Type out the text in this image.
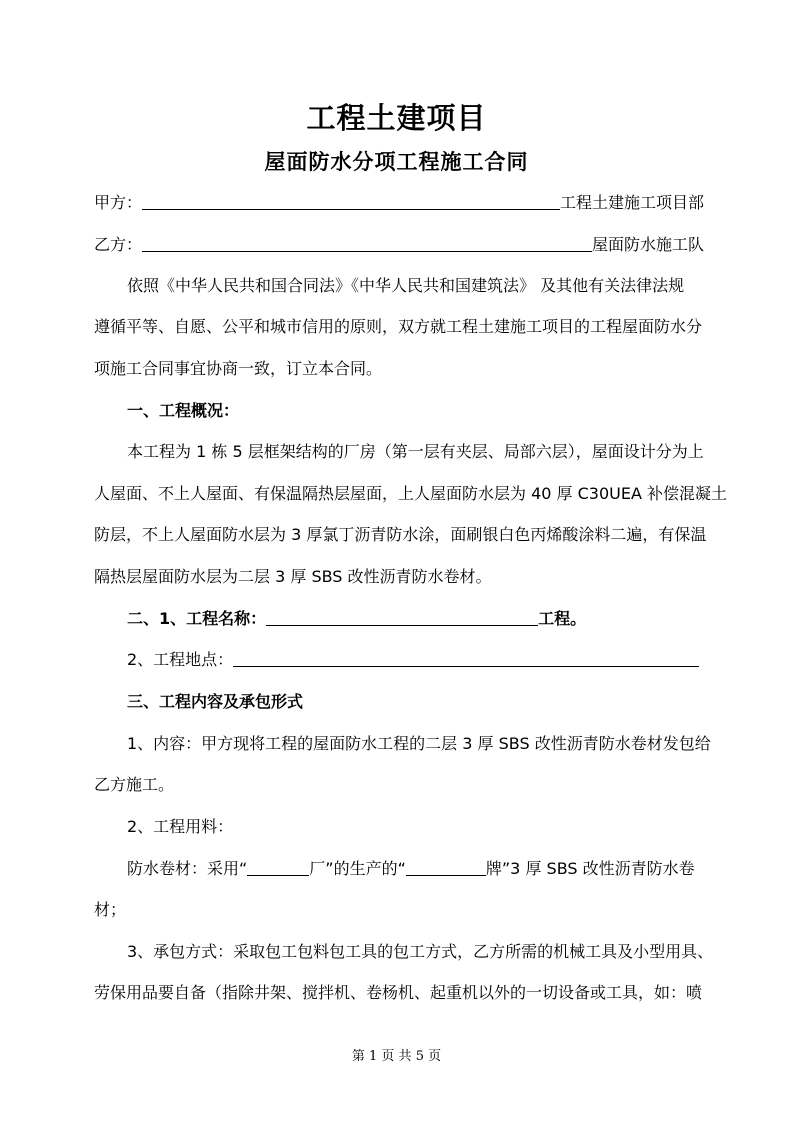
工程土建项目
屋面防水分项工程施工合同
甲方：	工程土建施工项目部
乙方：	屋面防水施工队
依照《中华人民共和国合同法》《中华人民共和国建筑法》 及其他有关法律法规
遵循平等、自愿、公平和城市信用的原则，双方就工程土建施工项目的工程屋面防水分
项施工合同事宜协商一致，订立本合同。
一、工程概况：
本工程为 1 栋 5 层框架结构的厂房（第一层有夹层、局部六层），屋面设计分为上
人屋面、不上人屋面、有保温隔热层屋面，上人屋面防水层为 40 厚 C30UEA 补偿混凝土
防层，不上人屋面防水层为 3 厚氯丁沥青防水涂，面刷银白色丙烯酸涂料二遍，有保温
隔热层屋面防水层为二层 3 厚 SBS 改性沥青防水卷材。
二、1、工程名称：	工程。
2、工程地点：
三、工程内容及承包形式
1、内容：甲方现将工程的屋面防水工程的二层 3 厚 SBS 改性沥青防水卷材发包给
乙方施工。
2、工程用料：
防水卷材：采用“	厂”的生产的“	牌”3 厚 SBS 改性沥青防水卷
材；
3、承包方式：采取包工包料包工具的包工方式，乙方所需的机械工具及小型用具、
劳保用品要自备（指除井架、搅拌机、卷杨机、起重机以外的一切设备或工具，如：喷
第 1 页 共 5 页
